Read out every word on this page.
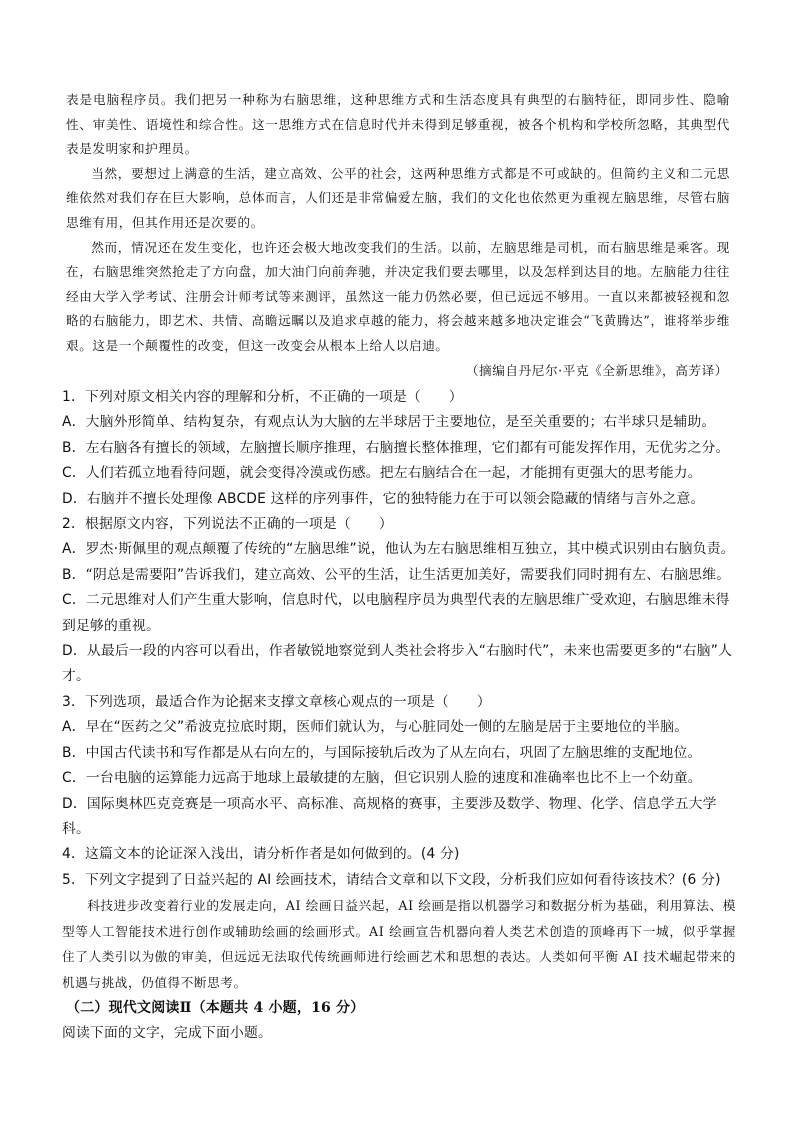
表是电脑程序员。我们把另一种称为右脑思维，这种思维方式和生活态度具有典型的右脑特征，即同步性、隐喻性、审美性、语境性和综合性。这一思维方式在信息时代并未得到足够重视，被各个机构和学校所忽略，其典型代表是发明家和护理员。

当然，要想过上满意的生活，建立高效、公平的社会，这两种思维方式都是不可或缺的。但简约主义和二元思维依然对我们存在巨大影响，总体而言，人们还是非常偏爱左脑，我们的文化也依然更为重视左脑思维，尽管右脑思维有用，但其作用还是次要的。

然而，情况还在发生变化，也许还会极大地改变我们的生活。以前，左脑思维是司机，而右脑思维是乘客。现在，右脑思维突然抢走了方向盘，加大油门向前奔驰，并决定我们要去哪里，以及怎样到达目的地。左脑能力往往经由大学入学考试、注册会计师考试等来测评，虽然这一能力仍然必要，但已远远不够用。一直以来都被轻视和忽略的右脑能力，即艺术、共情、高瞻远瞩以及追求卓越的能力，将会越来越多地决定谁会“飞黄腾达”，谁将举步维艰。这是一个颠覆性的改变，但这一改变会从根本上给人以启迪。

（摘编自丹尼尔·平克《全新思维》，高芳译）

1．下列对原文相关内容的理解和分析，不正确的一项是（　　）

A．大脑外形简单、结构复杂，有观点认为大脑的左半球居于主要地位，是至关重要的；右半球只是辅助。

B．左右脑各有擅长的领域，左脑擅长顺序推理，右脑擅长整体推理，它们都有可能发挥作用，无优劣之分。

C．人们若孤立地看待问题，就会变得冷漠或伤感。把左右脑结合在一起，才能拥有更强大的思考能力。

D．右脑并不擅长处理像 ABCDE 这样的序列事件，它的独特能力在于可以领会隐藏的情绪与言外之意。

2．根据原文内容，下列说法不正确的一项是（　　）

A．罗杰·斯佩里的观点颠覆了传统的“左脑思维”说，他认为左右脑思维相互独立，其中模式识别由右脑负责。

B．“阴总是需要阳”告诉我们，建立高效、公平的生活，让生活更加美好，需要我们同时拥有左、右脑思维。

C．二元思维对人们产生重大影响，信息时代，以电脑程序员为典型代表的左脑思维广受欢迎，右脑思维未得到足够的重视。

D．从最后一段的内容可以看出，作者敏锐地察觉到人类社会将步入“右脑时代”，未来也需要更多的“右脑”人才。

3．下列选项，最适合作为论据来支撑文章核心观点的一项是（　　）

A．早在“医药之父”希波克拉底时期，医师们就认为，与心脏同处一侧的左脑是居于主要地位的半脑。

B．中国古代读书和写作都是从右向左的，与国际接轨后改为了从左向右，巩固了左脑思维的支配地位。

C．一台电脑的运算能力远高于地球上最敏捷的左脑，但它识别人脸的速度和准确率也比不上一个幼童。

D．国际奥林匹克竞赛是一项高水平、高标准、高规格的赛事，主要涉及数学、物理、化学、信息学五大学科。

4．这篇文本的论证深入浅出，请分析作者是如何做到的。(4 分)

5．下列文字提到了日益兴起的 AI 绘画技术，请结合文章和以下文段，分析我们应如何看待该技术？(6 分)

科技进步改变着行业的发展走向，AI 绘画日益兴起，AI 绘画是指以机器学习和数据分析为基础，利用算法、模型等人工智能技术进行创作或辅助绘画的绘画形式。AI 绘画宣告机器向着人类艺术创造的顶峰再下一城，似乎掌握住了人类引以为傲的审美，但远远无法取代传统画师进行绘画艺术和思想的表达。人类如何平衡 AI 技术崛起带来的机遇与挑战，仍值得不断思考。

（二）现代文阅读Ⅱ（本题共 4 小题，16 分）

阅读下面的文字，完成下面小题。
